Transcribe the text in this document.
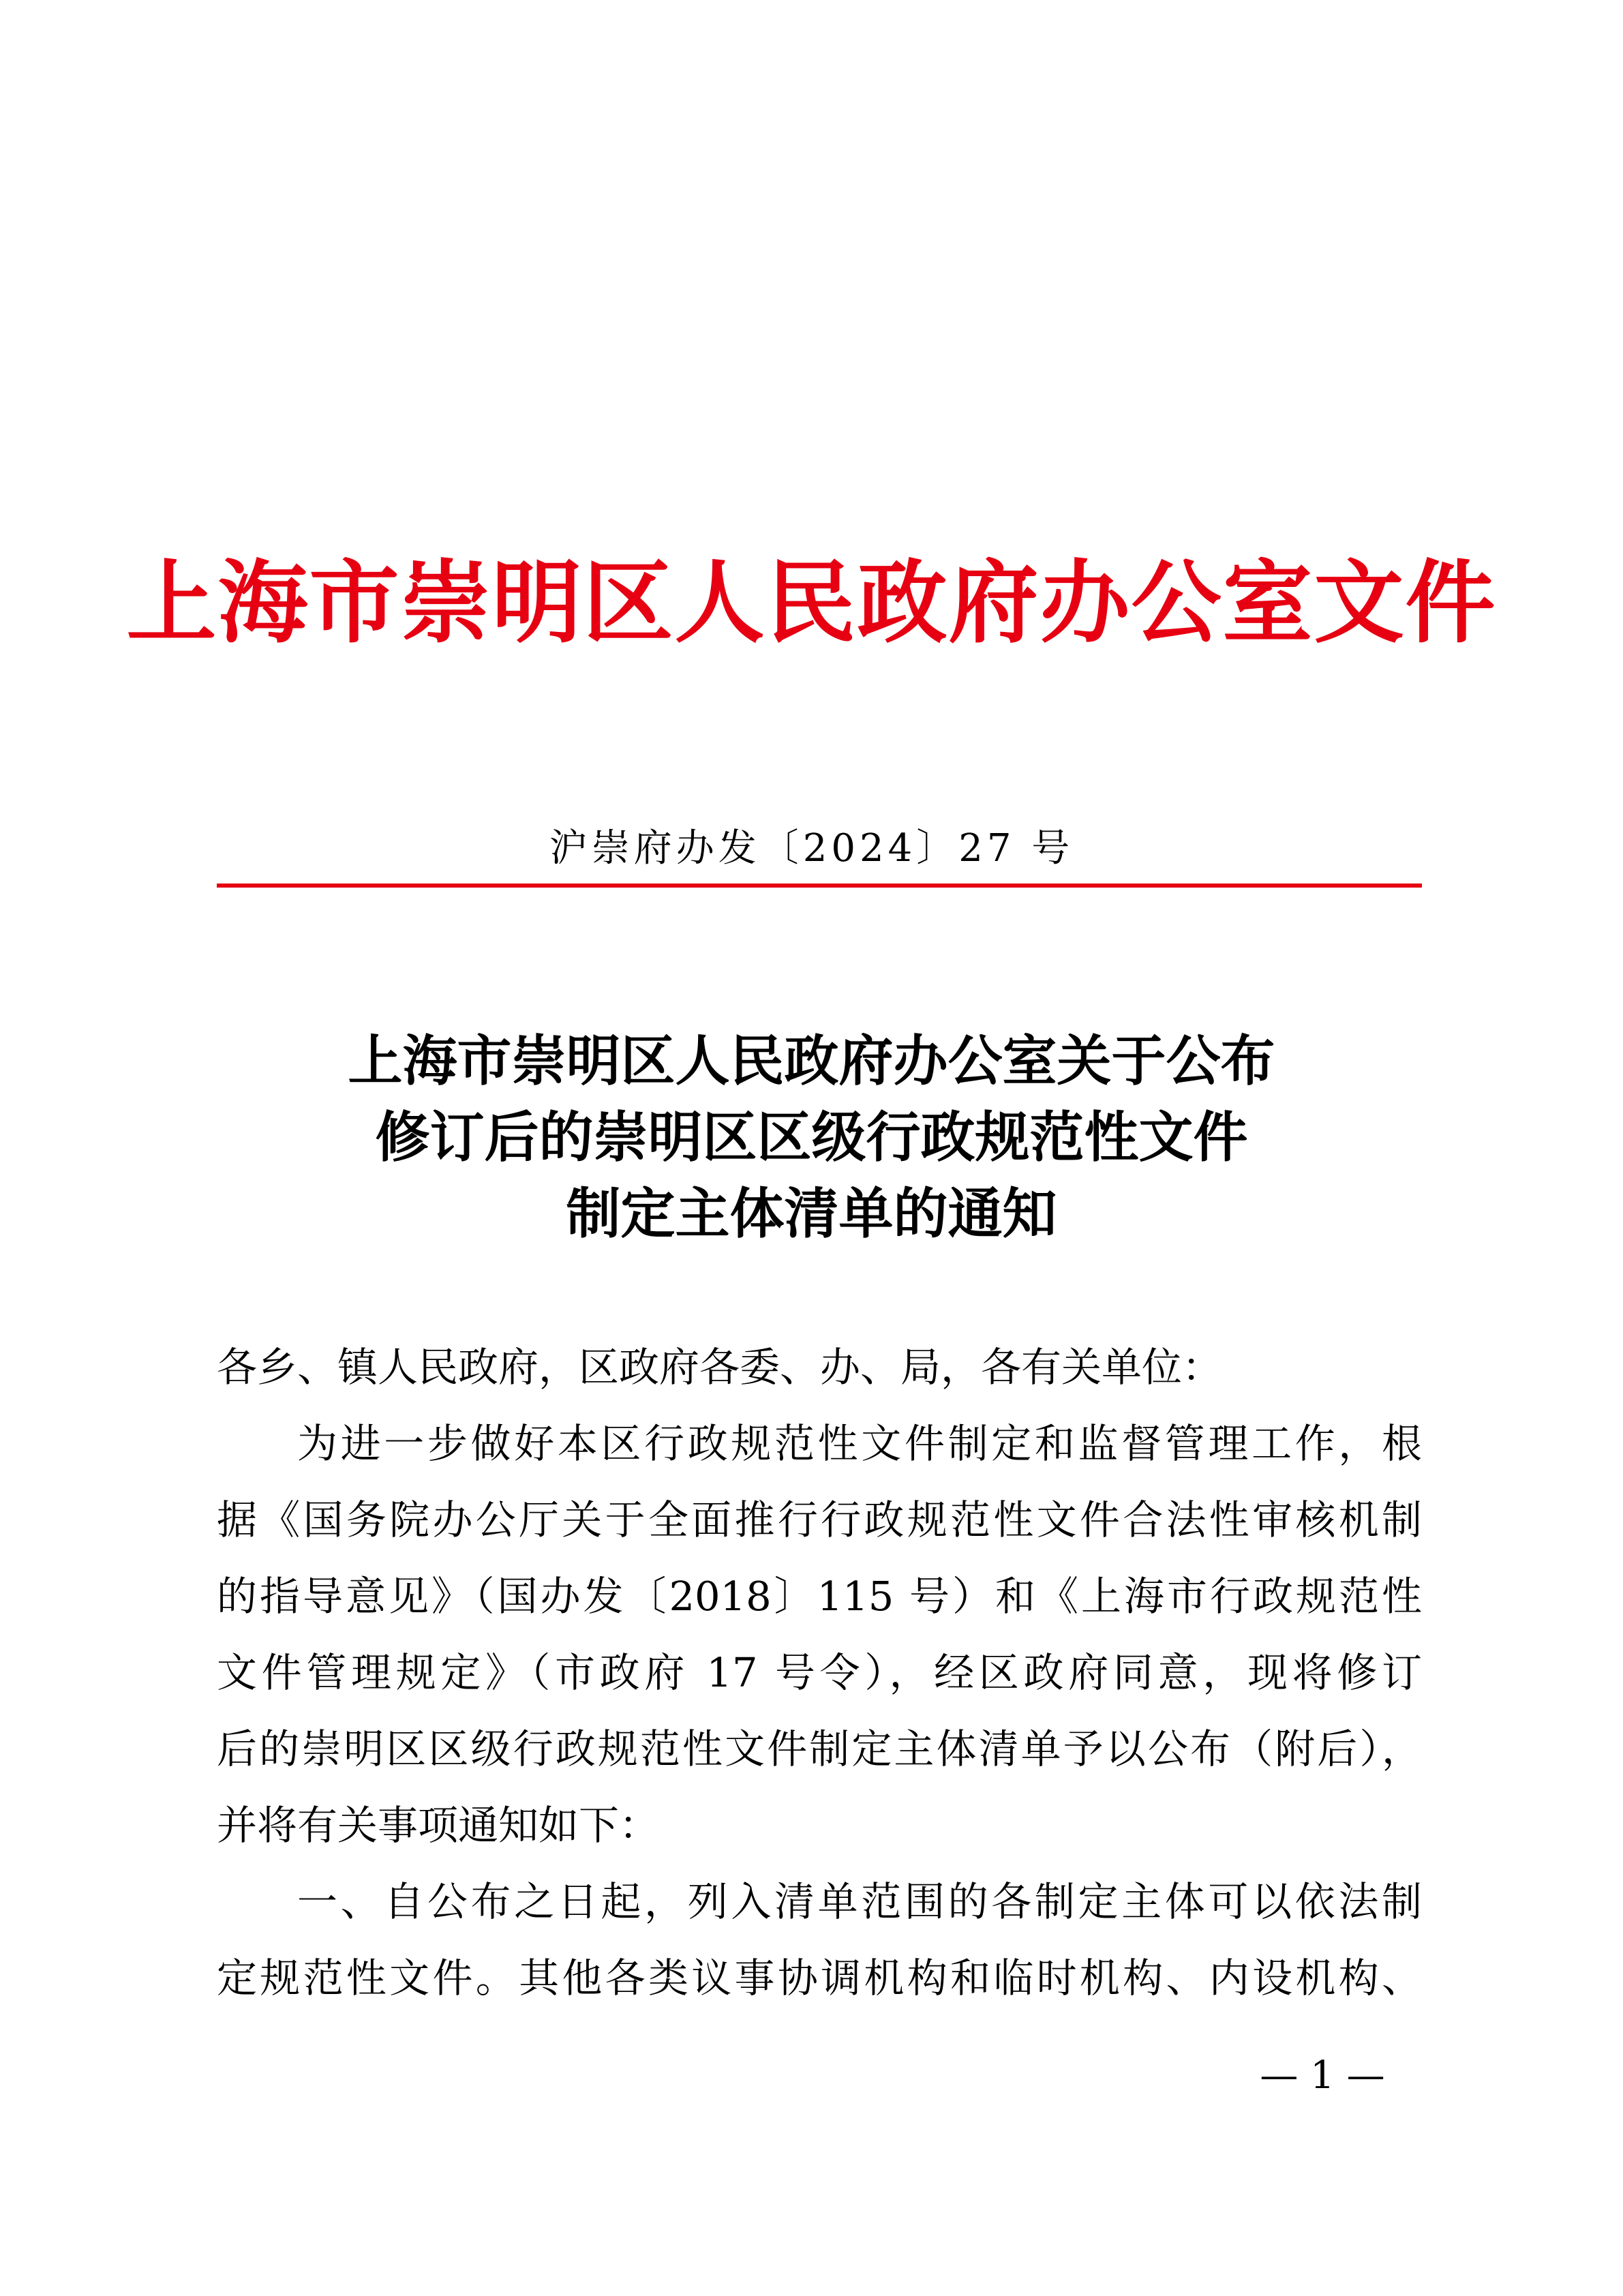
上海市崇明区人民政府办公室文件
沪崇府办发〔2024〕27 号
上海市崇明区人民政府办公室关于公布
修订后的崇明区区级行政规范性文件
制定主体清单的通知
各乡、镇人民政府，区政府各委、办、局，各有关单位：
为进一步做好本区行政规范性文件制定和监督管理工作，根
据《国务院办公厅关于全面推行行政规范性文件合法性审核机制
的指导意见》（国办发〔2018〕115 号）和《上海市行政规范性
文件管理规定》（市政府 17 号令），经区政府同意，现将修订
后的崇明区区级行政规范性文件制定主体清单予以公布（附后），
并将有关事项通知如下：
一、自公布之日起，列入清单范围的各制定主体可以依法制
定规范性文件。其他各类议事协调机构和临时机构、内设机构、
— 1 —
